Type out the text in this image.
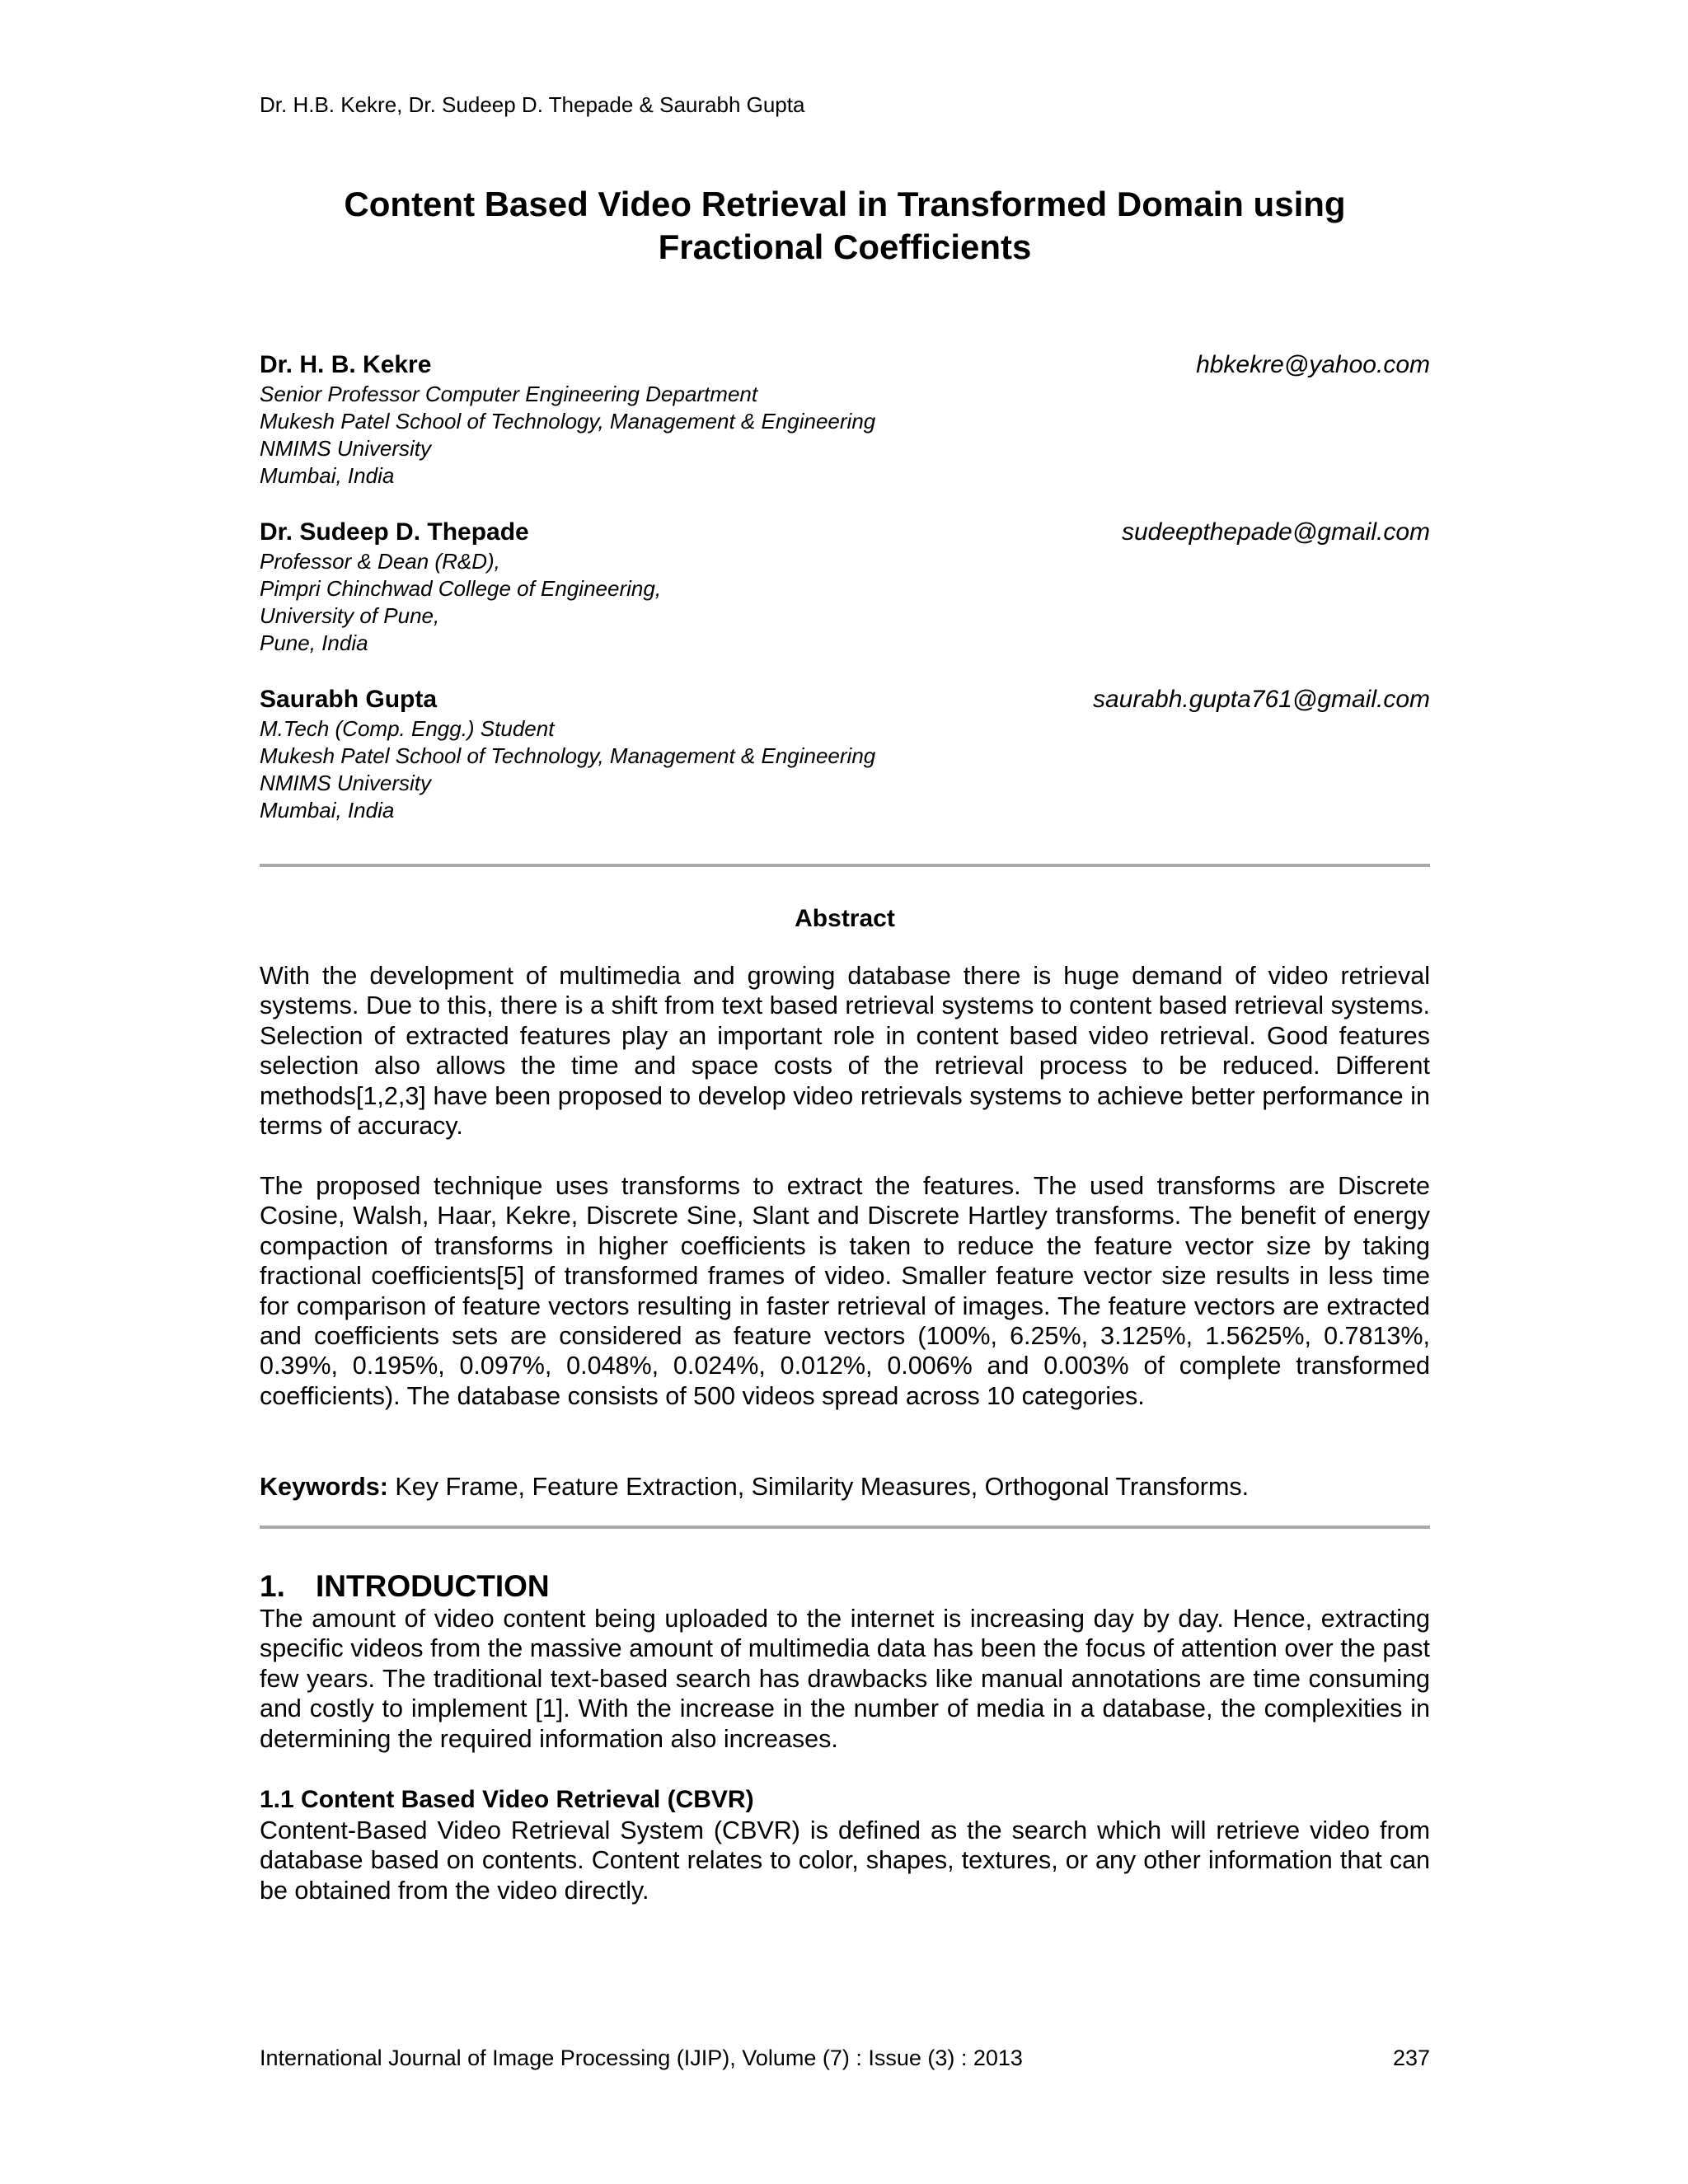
Dr. H.B. Kekre, Dr. Sudeep D. Thepade & Saurabh Gupta
Content Based Video Retrieval in Transformed Domain using
Fractional Coefficients
Dr. H. B. Kekre	hbkekre@yahoo.com
Senior Professor Computer Engineering Department
Mukesh Patel School of Technology, Management & Engineering
NMIMS University
Mumbai, India
Dr. Sudeep D. Thepade	sudeepthepade@gmail.com
Professor & Dean (R&D),
Pimpri Chinchwad College of Engineering,
University of Pune,
Pune, India
Saurabh Gupta	saurabh.gupta761@gmail.com
M.Tech (Comp. Engg.) Student
Mukesh Patel School of Technology, Management & Engineering
NMIMS University
Mumbai, India
Abstract
With the development of multimedia and growing database there is huge demand of video retrieval systems. Due to this, there is a shift from text based retrieval systems to content based retrieval systems. Selection of extracted features play an important role in content based video retrieval. Good features selection also allows the time and space costs of the retrieval process to be reduced. Different methods[1,2,3] have been proposed to develop video retrievals systems to achieve better performance in terms of accuracy.
The proposed technique uses transforms to extract the features. The used transforms are Discrete Cosine, Walsh, Haar, Kekre, Discrete Sine, Slant and Discrete Hartley transforms. The benefit of energy compaction of transforms in higher coefficients is taken to reduce the feature vector size by taking fractional coefficients[5] of transformed frames of video. Smaller feature vector size results in less time for comparison of feature vectors resulting in faster retrieval of images. The feature vectors are extracted and coefficients sets are considered as feature vectors (100%, 6.25%, 3.125%, 1.5625%, 0.7813%, 0.39%, 0.195%, 0.097%, 0.048%, 0.024%, 0.012%, 0.006% and 0.003% of complete transformed coefficients). The database consists of 500 videos spread across 10 categories.
Keywords: Key Frame, Feature Extraction, Similarity Measures, Orthogonal Transforms.
1. INTRODUCTION
The amount of video content being uploaded to the internet is increasing day by day. Hence, extracting specific videos from the massive amount of multimedia data has been the focus of attention over the past few years. The traditional text-based search has drawbacks like manual annotations are time consuming and costly to implement [1]. With the increase in the number of media in a database, the complexities in determining the required information also increases.
1.1 Content Based Video Retrieval (CBVR)
Content-Based Video Retrieval System (CBVR) is defined as the search which will retrieve video from database based on contents. Content relates to color, shapes, textures, or any other information that can be obtained from the video directly.
International Journal of Image Processing (IJIP), Volume (7) : Issue (3) : 2013	237
